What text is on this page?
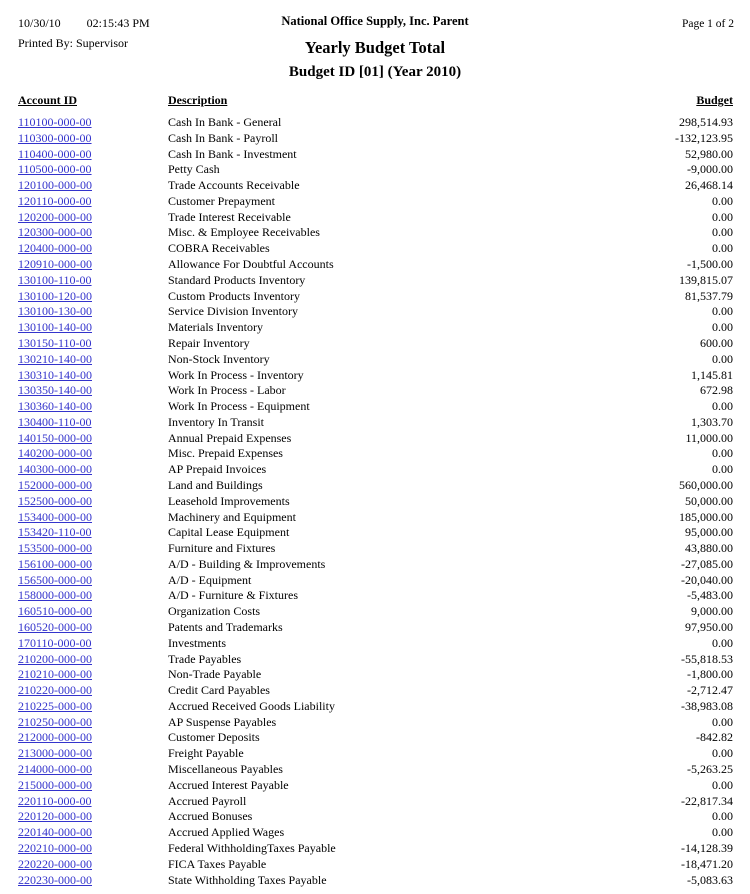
10/30/10 02:15:43 PM
Printed By: Supervisor
National Office Supply, Inc. Parent
Yearly Budget Total
Budget ID [01] (Year 2010)
Page 1 of 2
Account ID	Description	Budget
110100-000-00	Cash In Bank - General	298,514.93
110300-000-00	Cash In Bank - Payroll	-132,123.95
110400-000-00	Cash In Bank - Investment	52,980.00
110500-000-00	Petty Cash	-9,000.00
120100-000-00	Trade Accounts Receivable	26,468.14
120110-000-00	Customer Prepayment	0.00
120200-000-00	Trade Interest Receivable	0.00
120300-000-00	Misc. & Employee Receivables	0.00
120400-000-00	COBRA Receivables	0.00
120910-000-00	Allowance For Doubtful Accounts	-1,500.00
130100-110-00	Standard Products Inventory	139,815.07
130100-120-00	Custom Products Inventory	81,537.79
130100-130-00	Service Division Inventory	0.00
130100-140-00	Materials Inventory	0.00
130150-110-00	Repair Inventory	600.00
130210-140-00	Non-Stock Inventory	0.00
130310-140-00	Work In Process - Inventory	1,145.81
130350-140-00	Work In Process - Labor	672.98
130360-140-00	Work In Process - Equipment	0.00
130400-110-00	Inventory In Transit	1,303.70
140150-000-00	Annual Prepaid Expenses	11,000.00
140200-000-00	Misc. Prepaid Expenses	0.00
140300-000-00	AP Prepaid Invoices	0.00
152000-000-00	Land and Buildings	560,000.00
152500-000-00	Leasehold Improvements	50,000.00
153400-000-00	Machinery and Equipment	185,000.00
153420-110-00	Capital Lease Equipment	95,000.00
153500-000-00	Furniture and Fixtures	43,880.00
156100-000-00	A/D - Building & Improvements	-27,085.00
156500-000-00	A/D - Equipment	-20,040.00
158000-000-00	A/D - Furniture & Fixtures	-5,483.00
160510-000-00	Organization Costs	9,000.00
160520-000-00	Patents and Trademarks	97,950.00
170110-000-00	Investments	0.00
210200-000-00	Trade Payables	-55,818.53
210210-000-00	Non-Trade Payable	-1,800.00
210220-000-00	Credit Card Payables	-2,712.47
210225-000-00	Accrued Received Goods Liability	-38,983.08
210250-000-00	AP Suspense Payables	0.00
212000-000-00	Customer Deposits	-842.82
213000-000-00	Freight Payable	0.00
214000-000-00	Miscellaneous Payables	-5,263.25
215000-000-00	Accrued Interest Payable	0.00
220110-000-00	Accrued Payroll	-22,817.34
220120-000-00	Accrued Bonuses	0.00
220140-000-00	Accrued Applied Wages	0.00
220210-000-00	Federal WithholdingTaxes Payable	-14,128.39
220220-000-00	FICA Taxes Payable	-18,471.20
220230-000-00	State Withholding Taxes Payable	-5,083.63
